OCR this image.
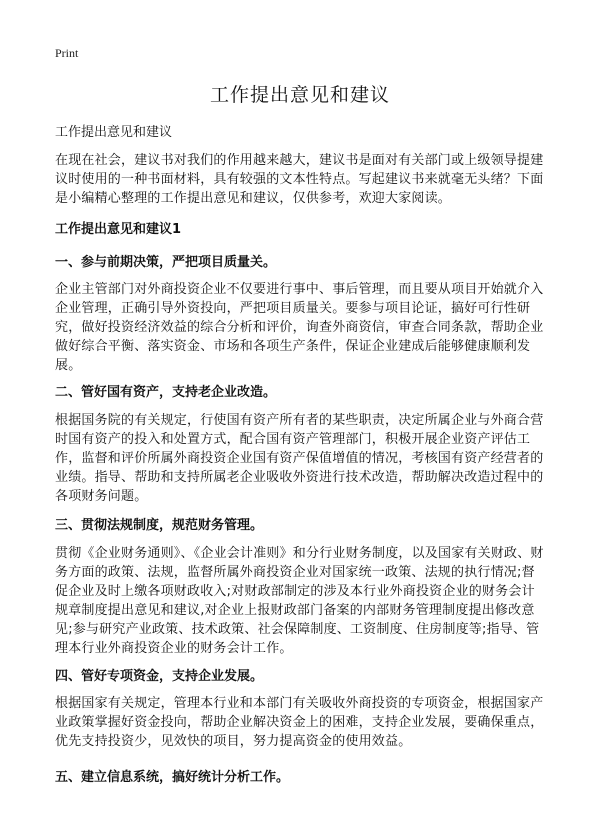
Print
工作提出意见和建议

工作提出意见和建议

在现在社会，建议书对我们的作用越来越大，建议书是面对有关部门或上级领导提建议时使用的一种书面材料，具有较强的文本性特点。写起建议书来就毫无头绪？下面是小编精心整理的工作提出意见和建议，仅供参考，欢迎大家阅读。

工作提出意见和建议1

一、参与前期决策，严把项目质量关。

企业主管部门对外商投资企业不仅要进行事中、事后管理，而且要从项目开始就介入企业管理，正确引导外资投向，严把项目质量关。要参与项目论证，搞好可行性研究，做好投资经济效益的综合分析和评价，询查外商资信，审查合同条款，帮助企业做好综合平衡、落实资金、市场和各项生产条件，保证企业建成后能够健康顺利发展。

二、管好国有资产，支持老企业改造。

根据国务院的有关规定，行使国有资产所有者的某些职责，决定所属企业与外商合营时国有资产的投入和处置方式，配合国有资产管理部门，积极开展企业资产评估工作，监督和评价所属外商投资企业国有资产保值增值的情况，考核国有资产经营者的业绩。指导、帮助和支持所属老企业吸收外资进行技术改造，帮助解决改造过程中的各项财务问题。

三、贯彻法规制度，规范财务管理。

贯彻《企业财务通则》、《企业会计准则》和分行业财务制度，以及国家有关财政、财务方面的政策、法规，监督所属外商投资企业对国家统一政策、法规的执行情况;督促企业及时上缴各项财政收入;对财政部制定的涉及本行业外商投资企业的财务会计规章制度提出意见和建议,对企业上报财政部门备案的内部财务管理制度提出修改意见;参与研究产业政策、技术政策、社会保障制度、工资制度、住房制度等;指导、管理本行业外商投资企业的财务会计工作。

四、管好专项资金，支持企业发展。

根据国家有关规定，管理本行业和本部门有关吸收外商投资的专项资金，根据国家产业政策掌握好资金投向，帮助企业解决资金上的困难，支持企业发展，要确保重点，优先支持投资少，见效快的项目，努力提高资金的使用效益。

五、建立信息系统，搞好统计分析工作。
